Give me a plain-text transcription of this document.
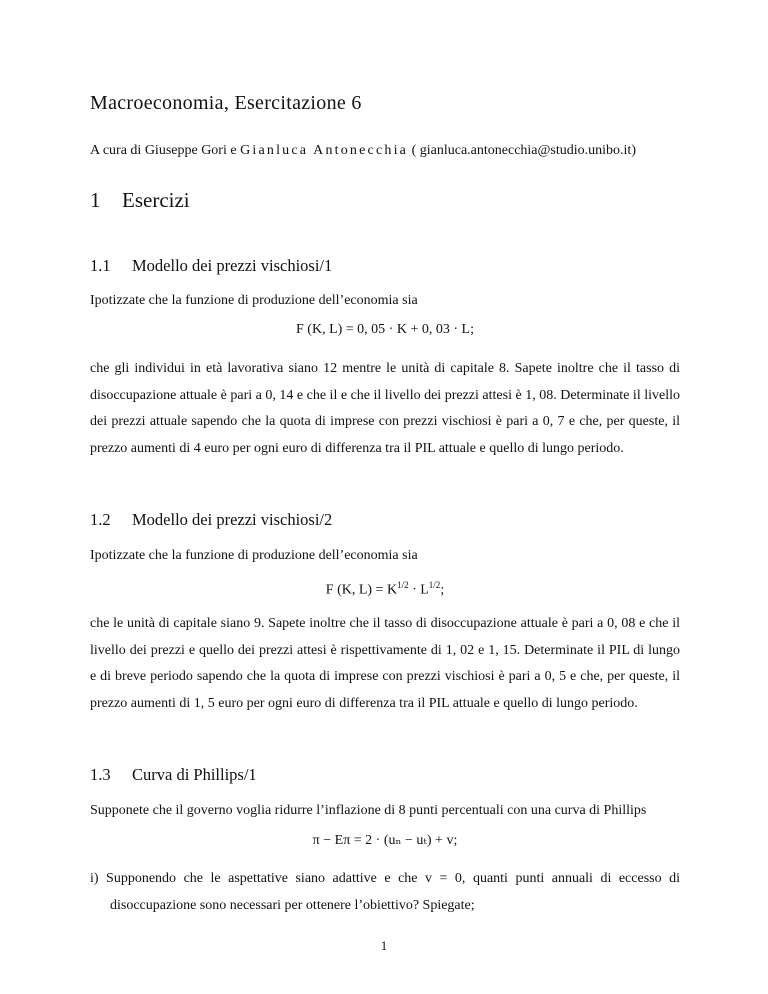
Macroeconomia, Esercitazione 6
A cura di Giuseppe Gori e Gianluca Antonecchia ( gianluca.antonecchia@studio.unibo.it)
1 Esercizi
1.1 Modello dei prezzi vischiosi/1
Ipotizzate che la funzione di produzione dell’economia sia
F (K, L) = 0, 05 · K + 0, 03 · L;
che gli individui in età lavorativa siano 12 mentre le unità di capitale 8. Sapete inoltre che il tasso di disoccupazione attuale è pari a 0, 14 e che il e che il livello dei prezzi attesi è 1, 08. Determinate il livello dei prezzi attuale sapendo che la quota di imprese con prezzi vischiosi è pari a 0, 7 e che, per queste, il prezzo aumenti di 4 euro per ogni euro di differenza tra il PIL attuale e quello di lungo periodo.
1.2 Modello dei prezzi vischiosi/2
Ipotizzate che la funzione di produzione dell’economia sia
F (K, $L) = K^{1/2} \cdot L^{1/2}$;
che le unità di capitale siano 9. Sapete inoltre che il tasso di disoccupazione attuale è pari a 0, 08 e che il livello dei prezzi e quello dei prezzi attesi è rispettivamente di 1, 02 e 1, 15. Determinate il PIL di lungo e di breve periodo sapendo che la quota di imprese con prezzi vischiosi è pari a 0, 5 e che, per queste, il prezzo aumenti di 1, 5 euro per ogni euro di differenza tra il PIL attuale e quello di lungo periodo.
1.3 Curva di Phillips/1
Supponete che il governo voglia ridurre l’inflazione di 8 punti percentuali con una curva di Phillips
π − Eπ = 2 · (uₙ − uₜ) + v;
i) Supponendo che le aspettative siano adattive e che v = 0, quanti punti annuali di eccesso di disoccupazione sono necessari per ottenere l’obiettivo? Spiegate;
1
